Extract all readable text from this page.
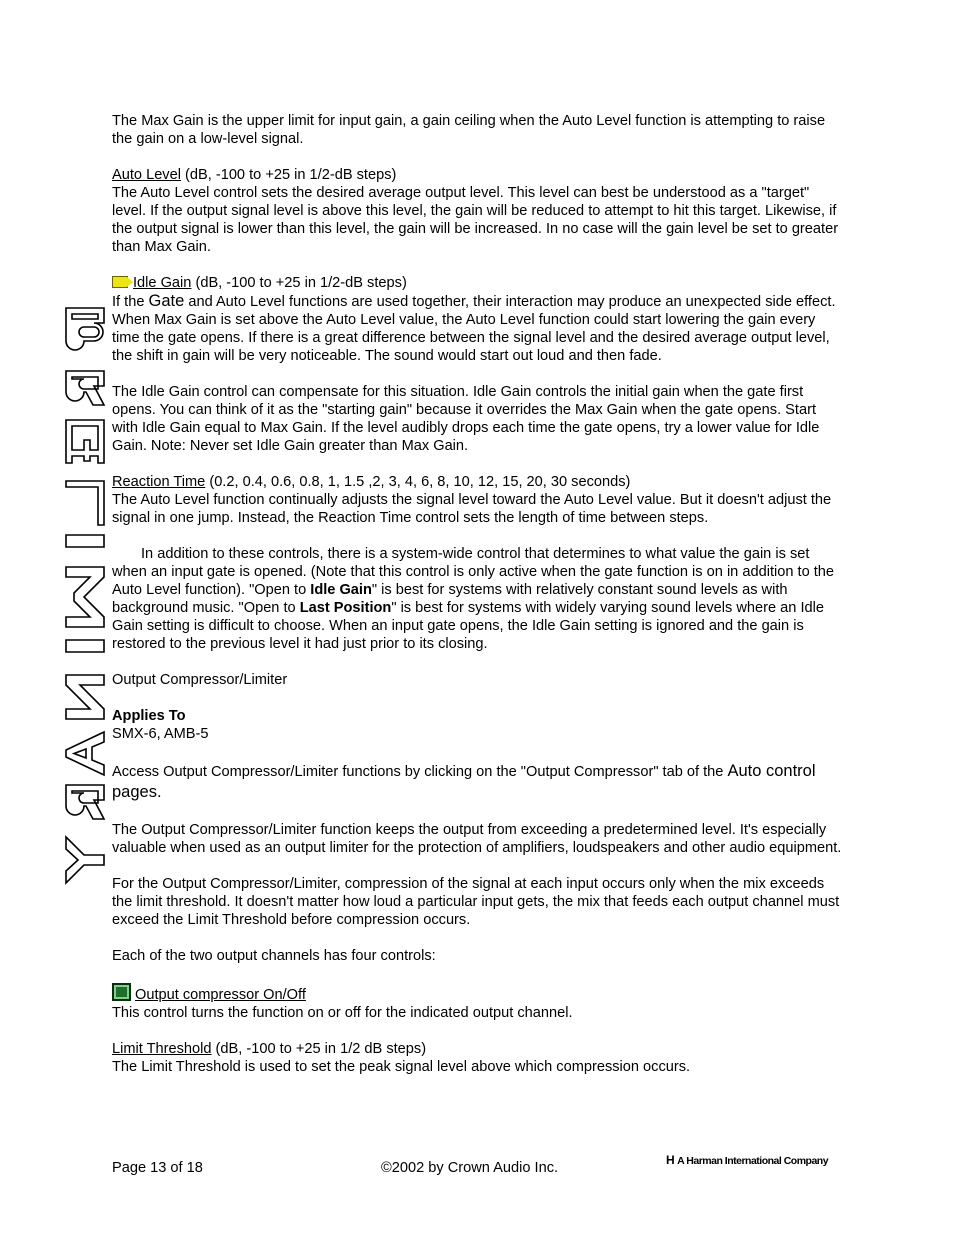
The Max Gain is the upper limit for input gain, a gain ceiling when the Auto Level function is attempting to raise the gain on a low-level signal.

Auto Level (dB, -100 to +25 in 1/2-dB steps)
The Auto Level control sets the desired average output level. This level can best be understood as a "target" level. If the output signal level is above this level, the gain will be reduced to attempt to hit this target. Likewise, if the output signal is lower than this level, the gain will be increased. In no case will the gain level be set to greater than Max Gain.

Idle Gain (dB, -100 to +25 in 1/2-dB steps)
If the Gate and Auto Level functions are used together, their interaction may produce an unexpected side effect. When Max Gain is set above the Auto Level value, the Auto Level function could start lowering the gain every time the gate opens. If there is a great difference between the signal level and the desired average output level, the shift in gain will be very noticeable. The sound would start out loud and then fade.

The Idle Gain control can compensate for this situation. Idle Gain controls the initial gain when the gate first opens. You can think of it as the "starting gain" because it overrides the Max Gain when the gate opens. Start with Idle Gain equal to Max Gain. If the level audibly drops each time the gate opens, try a lower value for Idle Gain. Note: Never set Idle Gain greater than Max Gain.

Reaction Time (0.2, 0.4, 0.6, 0.8, 1, 1.5 ,2, 3, 4, 6, 8, 10, 12, 15, 20, 30 seconds)
The Auto Level function continually adjusts the signal level toward the Auto Level value. But it doesn't adjust the signal in one jump. Instead, the Reaction Time control sets the length of time between steps.

In addition to these controls, there is a system-wide control that determines to what value the gain is set when an input gate is opened. (Note that this control is only active when the gate function is on in addition to the Auto Level function). "Open to Idle Gain" is best for systems with relatively constant sound levels as with background music. "Open to Last Position" is best for systems with widely varying sound levels where an Idle Gain setting is difficult to choose. When an input gate opens, the Idle Gain setting is ignored and the gain is restored to the previous level it had just prior to its closing.

Output Compressor/Limiter

Applies To
SMX-6, AMB-5

Access Output Compressor/Limiter functions by clicking on the "Output Compressor" tab of the Auto control pages.

The Output Compressor/Limiter function keeps the output from exceeding a predetermined level. It's especially valuable when used as an output limiter for the protection of amplifiers, loudspeakers and other audio equipment.

For the Output Compressor/Limiter, compression of the signal at each input occurs only when the mix exceeds the limit threshold. It doesn't matter how loud a particular input gets, the mix that feeds each output channel must exceed the Limit Threshold before compression occurs.

Each of the two output channels has four controls:

Output compressor On/Off
This control turns the function on or off for the indicated output channel.

Limit Threshold (dB, -100 to +25 in 1/2 dB steps)
The Limit Threshold is used to set the peak signal level above which compression occurs.

Page 13 of 18	©2002 by Crown Audio Inc.	H A Harman International Company
